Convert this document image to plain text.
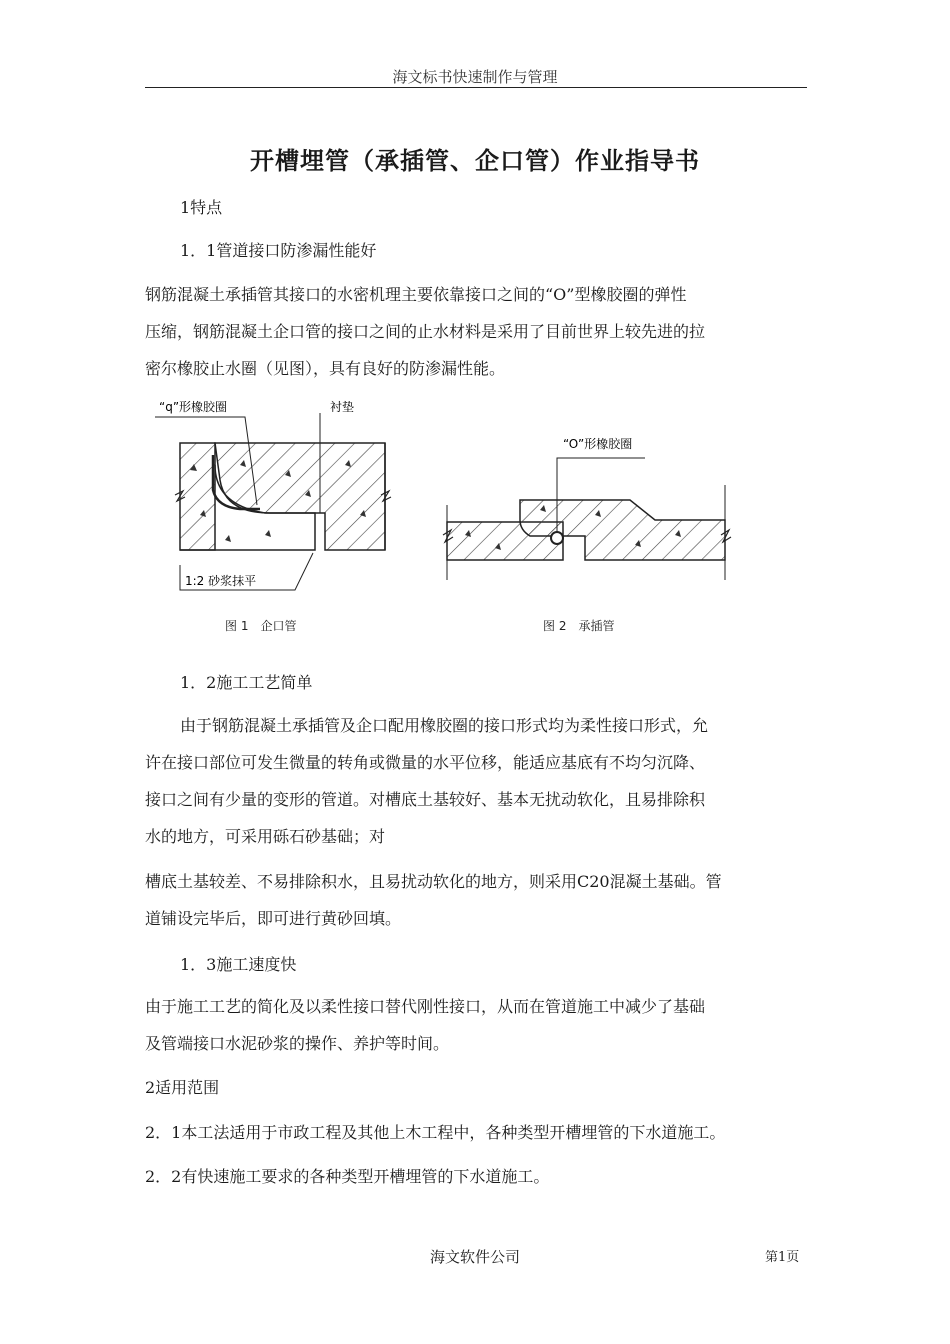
海文标书快速制作与管理
开槽埋管（承插管、企口管）作业指导书
1特点
1．1管道接口防渗漏性能好
钢筋混凝土承插管其接口的水密机理主要依靠接口之间的“O”型橡胶圈的弹性
压缩，钢筋混凝土企口管的接口之间的止水材料是采用了目前世界上较先进的拉
密尔橡胶止水圈（见图），具有良好的防渗漏性能。
“q”形橡胶圈	衬垫
1:2 砂浆抹平
图 1　企口管
“O”形橡胶圈
图 2　承插管
1．2施工工艺简单
由于钢筋混凝土承插管及企口配用橡胶圈的接口形式均为柔性接口形式，允
许在接口部位可发生微量的转角或微量的水平位移，能适应基底有不均匀沉降、
接口之间有少量的变形的管道。对槽底土基较好、基本无扰动软化，且易排除积
水的地方，可采用砾石砂基础；对
槽底土基较差、不易排除积水，且易扰动软化的地方，则采用C20混凝土基础。管
道铺设完毕后，即可进行黄砂回填。
1．3施工速度快
由于施工工艺的简化及以柔性接口替代刚性接口，从而在管道施工中减少了基础
及管端接口水泥砂浆的操作、养护等时间。
2适用范围
2．1本工法适用于市政工程及其他上木工程中，各种类型开槽埋管的下水道施工。
2．2有快速施工要求的各种类型开槽埋管的下水道施工。
海文软件公司	第1页
